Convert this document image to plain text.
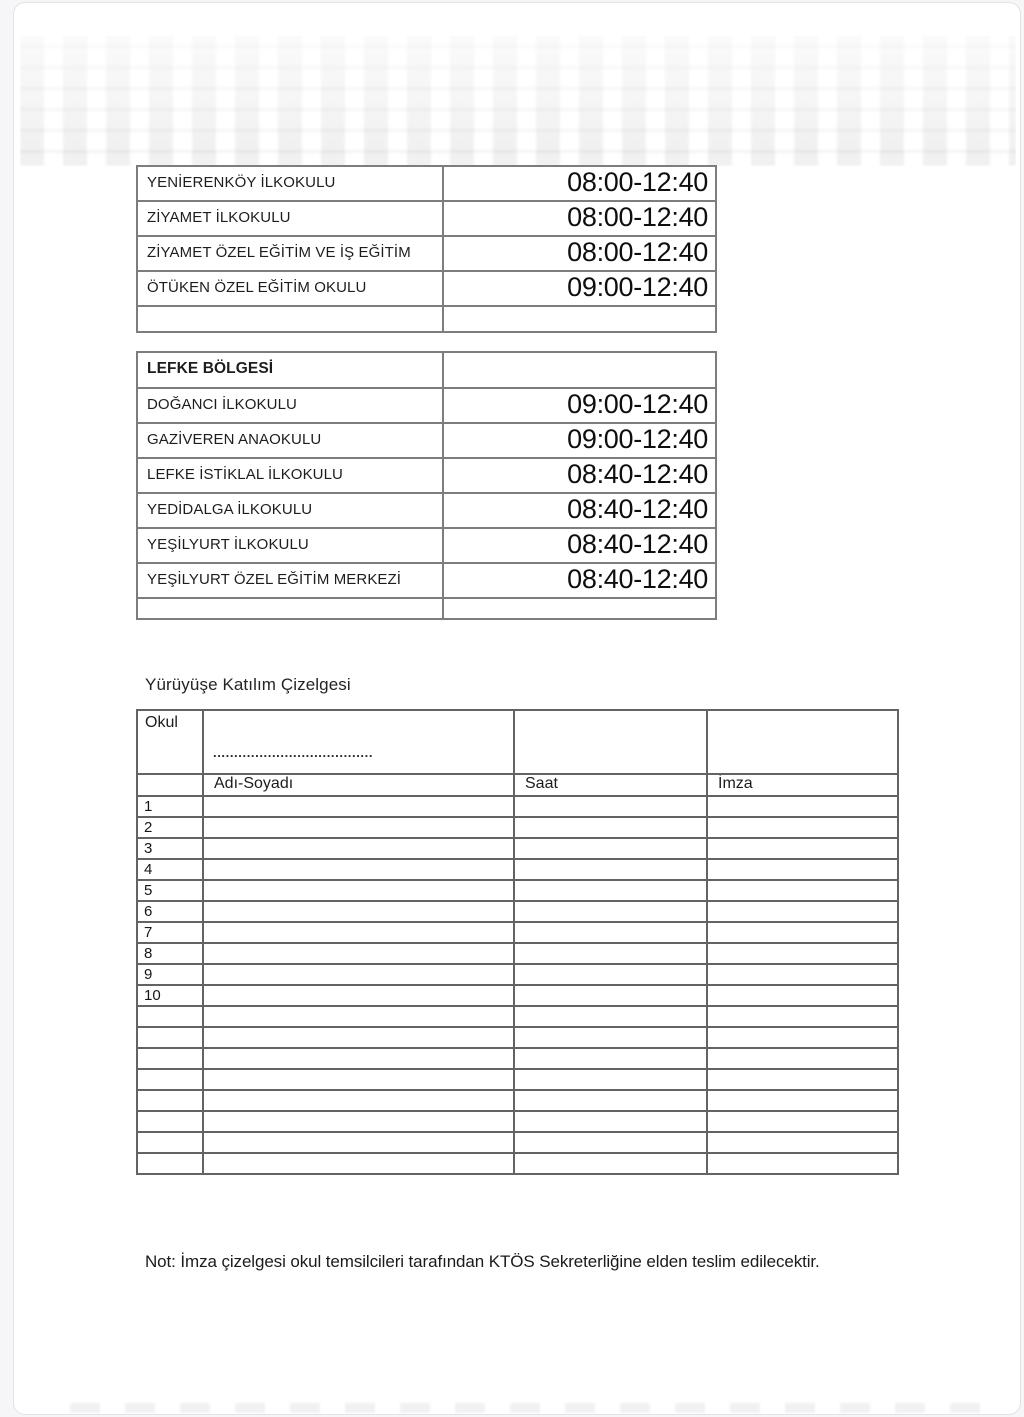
YENİERENKÖY İLKOKULU	08:00-12:40
ZİYAMET İLKOKULU	08:00-12:40
ZİYAMET ÖZEL EĞİTİM VE İŞ EĞİTİM	08:00-12:40
ÖTÜKEN ÖZEL EĞİTİM OKULU	09:00-12:40

LEFKE BÖLGESİ	
DOĞANCI İLKOKULU	09:00-12:40
GAZİVEREN ANAOKULU	09:00-12:40
LEFKE İSTİKLAL İLKOKULU	08:40-12:40
YEDİDALGA İLKOKULU	08:40-12:40
YEŞİLYURT İLKOKULU	08:40-12:40
YEŞİLYURT ÖZEL EĞİTİM MERKEZİ	08:40-12:40

Yürüyüşe Katılım Çizelgesi
Okul	......................................		
	Adı-Soyadı	Saat	İmza
1			
2			
3			
4			
5			
6			
7			
8			
9			
10			

Not: İmza çizelgesi okul temsilcileri tarafından KTÖS Sekreterliğine elden teslim edilecektir.
